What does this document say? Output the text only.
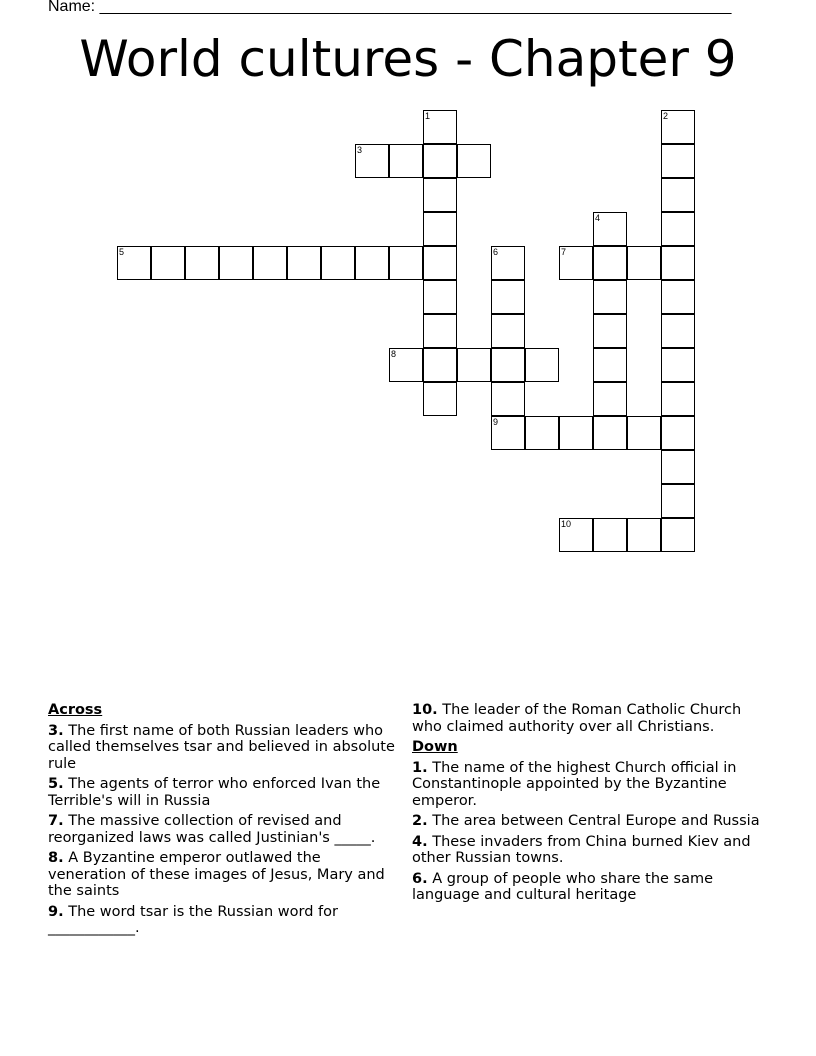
Name: _______________________________________________________________________
World cultures - Chapter 9
1	2
3
4
5	6
9
7
8
10
Across
3. The first name of both Russian leaders who called themselves tsar and believed in absolute rule
5. The agents of terror who enforced Ivan the Terrible's will in Russia
7. The massive collection of revised and reorganized laws was called Justinian's _____.
8. A Byzantine emperor outlawed the veneration of these images of Jesus, Mary and the saints
9. The word tsar is the Russian word for ____________.
10. The leader of the Roman Catholic Church who claimed authority over all Christians.
Down
1. The name of the highest Church official in Constantinople appointed by the Byzantine emperor.
2. The area between Central Europe and Russia
4. These invaders from China burned Kiev and other Russian towns.
6. A group of people who share the same language and cultural heritage
